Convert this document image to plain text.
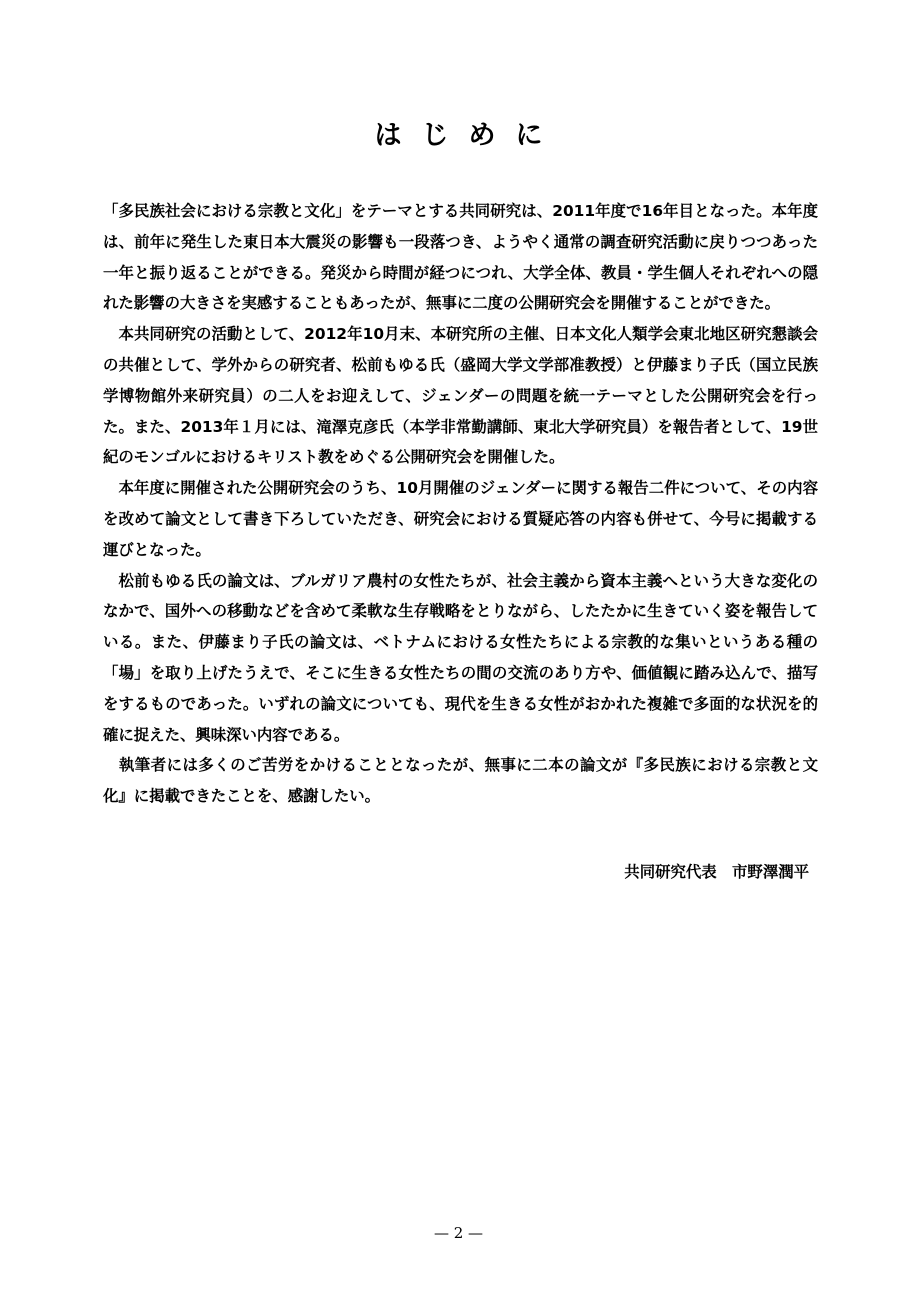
はじめに

「多民族社会における宗教と文化」をテーマとする共同研究は、2011年度で16年目となった。本年度は、前年に発生した東日本大震災の影響も一段落つき、ようやく通常の調査研究活動に戻りつつあった一年と振り返ることができる。発災から時間が経つにつれ、大学全体、教員・学生個人それぞれへの隠れた影響の大きさを実感することもあったが、無事に二度の公開研究会を開催することができた。

　本共同研究の活動として、2012年10月末、本研究所の主催、日本文化人類学会東北地区研究懇談会の共催として、学外からの研究者、松前もゆる氏（盛岡大学文学部准教授）と伊藤まり子氏（国立民族学博物館外来研究員）の二人をお迎えして、ジェンダーの問題を統一テーマとした公開研究会を行った。また、2013年１月には、滝澤克彦氏（本学非常勤講師、東北大学研究員）を報告者として、19世紀のモンゴルにおけるキリスト教をめぐる公開研究会を開催した。

　本年度に開催された公開研究会のうち、10月開催のジェンダーに関する報告二件について、その内容を改めて論文として書き下ろしていただき、研究会における質疑応答の内容も併せて、今号に掲載する運びとなった。

　松前もゆる氏の論文は、ブルガリア農村の女性たちが、社会主義から資本主義へという大きな変化のなかで、国外への移動などを含めて柔軟な生存戦略をとりながら、したたかに生きていく姿を報告している。また、伊藤まり子氏の論文は、ベトナムにおける女性たちによる宗教的な集いというある種の「場」を取り上げたうえで、そこに生きる女性たちの間の交流のあり方や、価値観に踏み込んで、描写をするものであった。いずれの論文についても、現代を生きる女性がおかれた複雑で多面的な状況を的確に捉えた、興味深い内容である。

　執筆者には多くのご苦労をかけることとなったが、無事に二本の論文が『多民族における宗教と文化』に掲載できたことを、感謝したい。

共同研究代表　市野澤潤平
— 2 —
